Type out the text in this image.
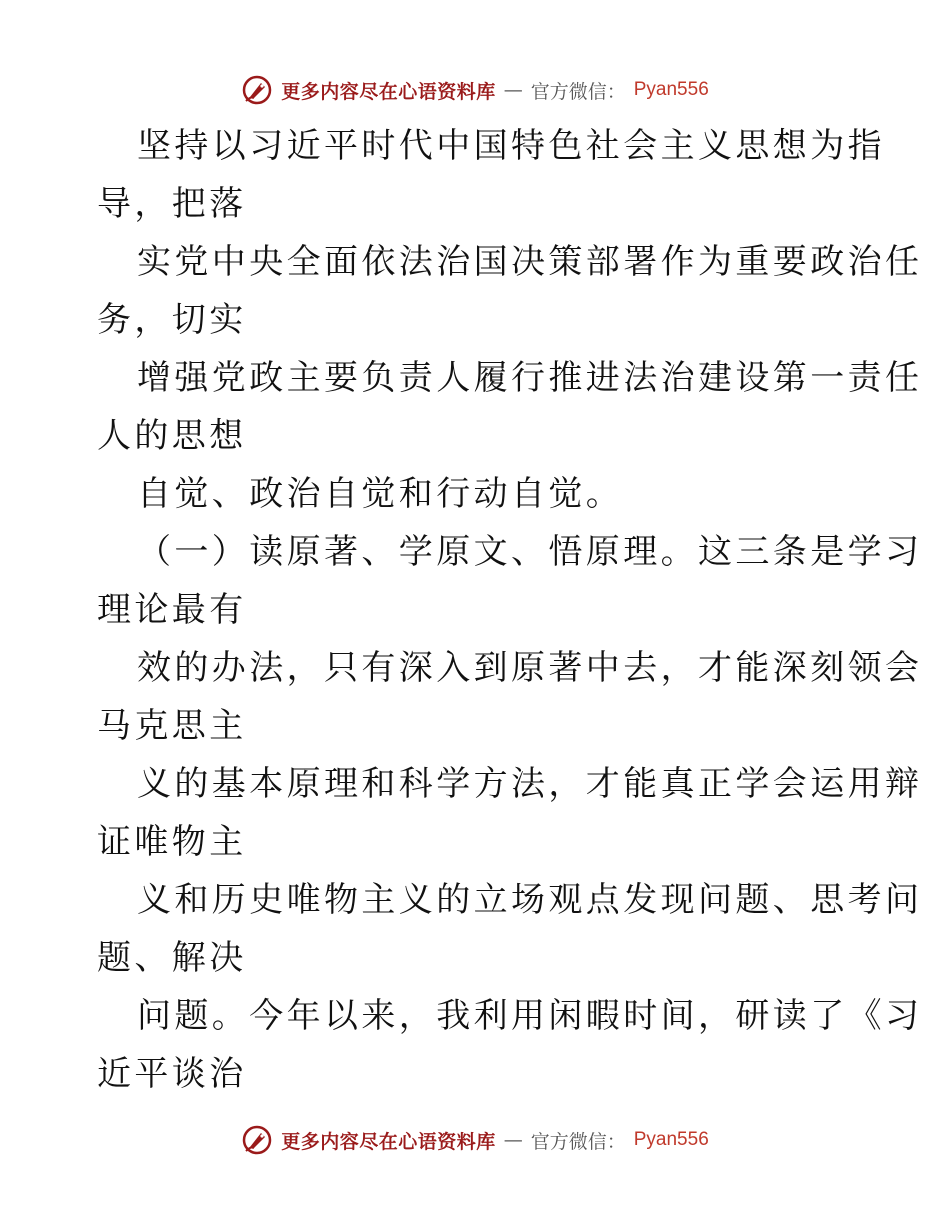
更多内容尽在心语资料库 — 官方微信： Pyan556
坚持以习近平时代中国特色社会主义思想为指
导，把落
实党中央全面依法治国决策部署作为重要政治任
务，切实
增强党政主要负责人履行推进法治建设第一责任
人的思想
自觉、政治自觉和行动自觉。
（一）读原著、学原文、悟原理。这三条是学习
理论最有
效的办法，只有深入到原著中去，才能深刻领会
马克思主
义的基本原理和科学方法，才能真正学会运用辩
证唯物主
义和历史唯物主义的立场观点发现问题、思考问
题、解决
问题。今年以来，我利用闲暇时间，研读了《习
近平谈治
更多内容尽在心语资料库 — 官方微信： Pyan556
